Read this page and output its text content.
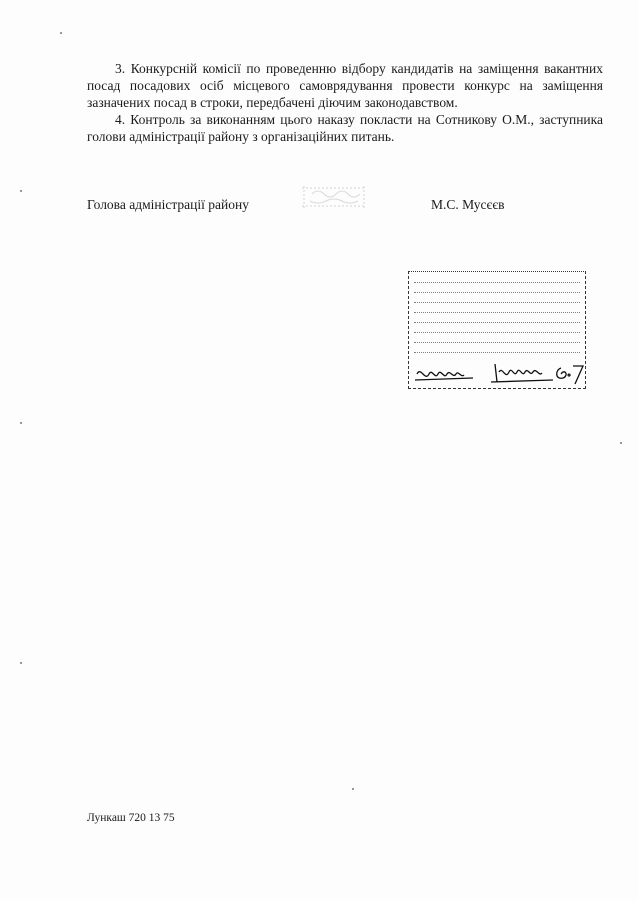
3. Конкурсній комісії по проведенню відбору кандидатів на заміщення вакантних посад посадових осіб місцевого самоврядування провести конкурс на заміщення зазначених посад в строки, передбачені діючим законодавством.

4. Контроль за виконанням цього наказу покласти на Сотникову О.М., заступника голови адміністрації району з організаційних питань.

Голова адміністрації району	М.С. Мусєєв
Лункаш 720 13 75
